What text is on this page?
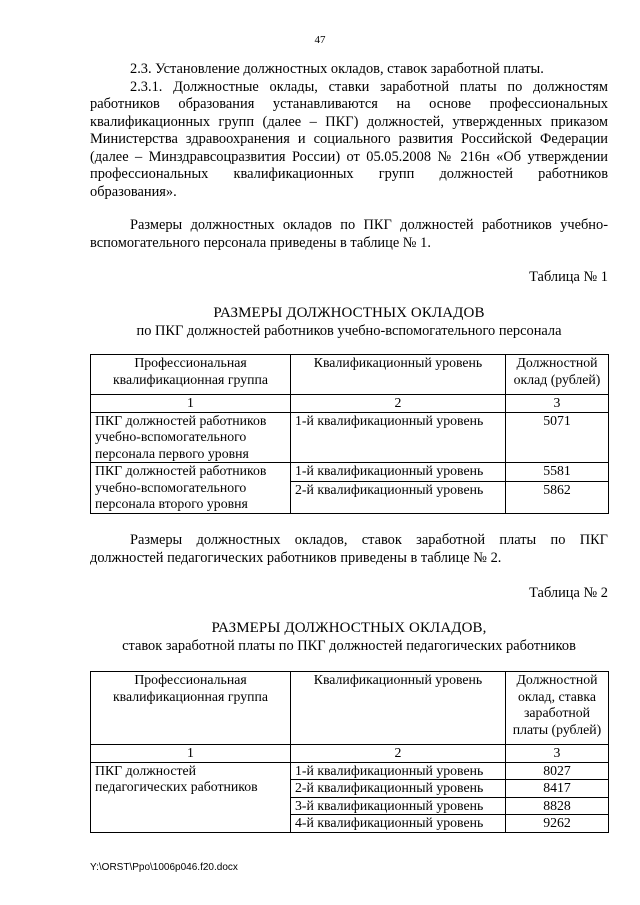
47

2.3. Установление должностных окладов, ставок заработной платы.

2.3.1. Должностные оклады, ставки заработной платы по должностям работников образования устанавливаются на основе профессиональных квалификационных групп (далее – ПКГ) должностей, утвержденных приказом Министерства здравоохранения и социального развития Российской Федерации (далее – Минздравсоцразвития России) от 05.05.2008 № 216н «Об утверждении профессиональных квалификационных групп должностей работников образования».

Размеры должностных окладов по ПКГ должностей работников учебно-вспомогательного персонала приведены в таблице № 1.

Таблица № 1
РАЗМЕРЫ ДОЛЖНОСТНЫХ ОКЛАДОВ
по ПКГ должностей работников учебно-вспомогательного персонала
Профессиональная квалификационная группа	Квалификационный уровень	Должностной оклад (рублей)
1	2	3
ПКГ должностей работников учебно-вспомогательного персонала первого уровня	1-й квалификационный уровень	5071
ПКГ должностей работников учебно-вспомогательного персонала второго уровня	1-й квалификационный уровень	5581
	2-й квалификационный уровень	5862

Размеры должностных окладов, ставок заработной платы по ПКГ должностей педагогических работников приведены в таблице № 2.

Таблица № 2
РАЗМЕРЫ ДОЛЖНОСТНЫХ ОКЛАДОВ,
ставок заработной платы по ПКГ должностей педагогических работников
Профессиональная квалификационная группа	Квалификационный уровень	Должностной оклад, ставка заработной платы (рублей)
1	2	3
ПКГ должностей педагогических работников	1-й квалификационный уровень	8027
	2-й квалификационный уровень	8417
	3-й квалификационный уровень	8828
	4-й квалификационный уровень	9262
Y:\ORST\Ppo\1006p046.f20.docx
